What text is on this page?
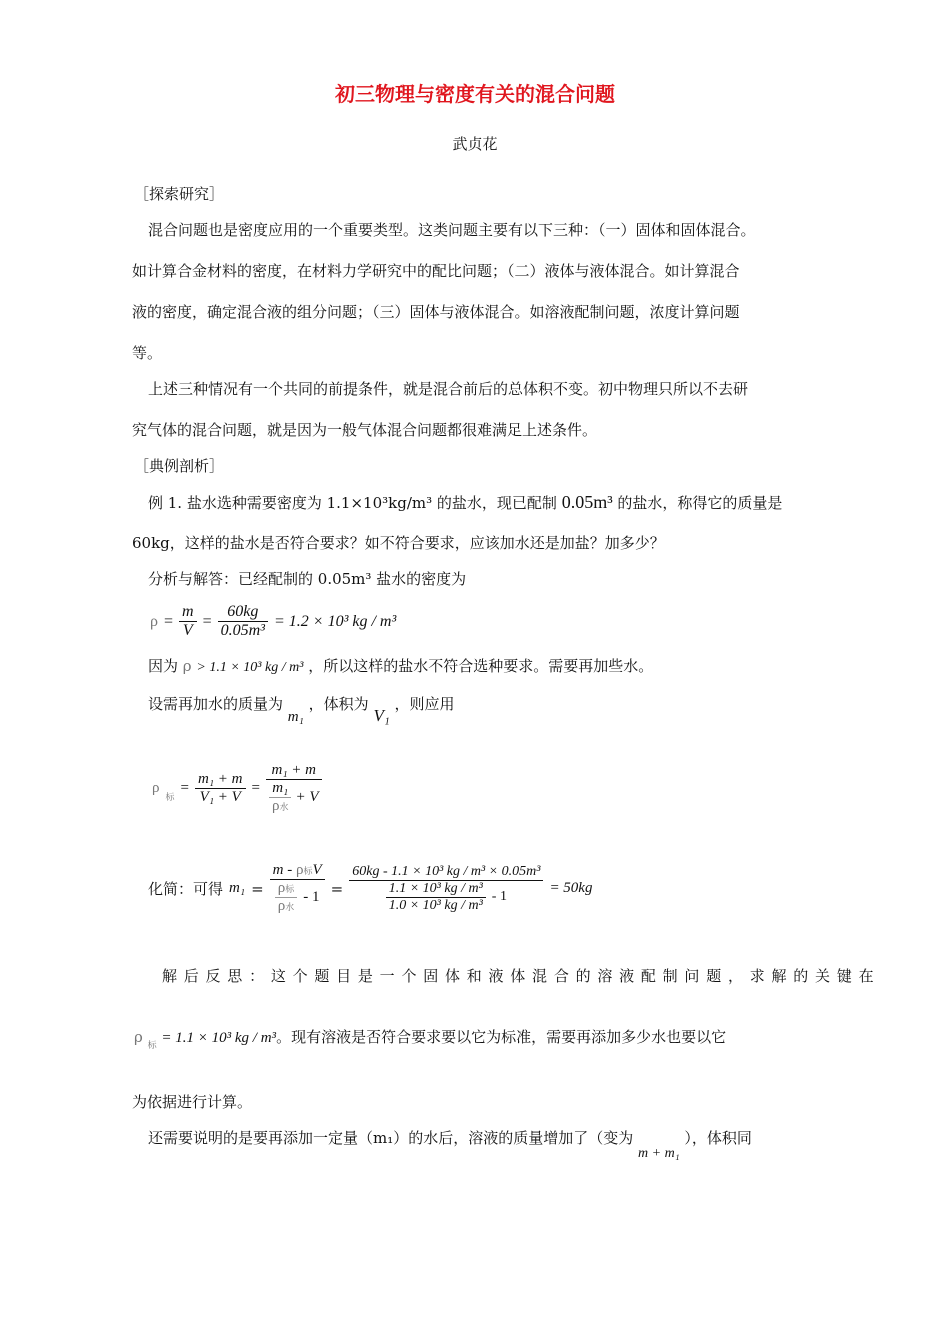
初三物理与密度有关的混合问题
武贞花
［探索研究］
混合问题也是密度应用的一个重要类型。这类问题主要有以下三种：（一）固体和固体混合。
如计算合金材料的密度，在材料力学研究中的配比问题；（二）液体与液体混合。如计算混合
液的密度，确定混合液的组分问题；（三）固体与液体混合。如溶液配制问题，浓度计算问题
等。
上述三种情况有一个共同的前提条件，就是混合前后的总体积不变。初中物理只所以不去研
究气体的混合问题，就是因为一般气体混合问题都很难满足上述条件。
［典例剖析］
例 1. 盐水选种需要密度为 1.1×10³kg/m³ 的盐水，现已配制 0.05m³ 的盐水，称得它的质量是
60kg，这样的盐水是否符合要求？如不符合要求，应该加水还是加盐？加多少？
分析与解答：已经配制的 0.05m³ 盐水的密度为
$\rho = \frac{m}{V} = \frac{60kg}{\text{0.05m³}} = 1.2 \times 10^3$ kg / m³
因为 ρ > 1.1 × 10³ kg / m³ ，所以这样的盐水不符合选种要求。需要再加些水。
设需再加水的质量为 m₁ ，体积为 V₁ ，则应用
ρ
标
= $\frac{\text{m₁ + m}}{\text{V₁ + V}} = \frac{\text{m₁ + m}}{\frac{\text{m₁}}{\text{ρ水}} + V}$
化简：可得 $m_1 = \frac{\text{m - ρ标V}}{\frac{\text{ρ标}}{\text{ρ水}} - 1}$ =
60kg - 1.1 × 10³ kg / m³ × 0.05m³
$\frac{\text{1.1 × 10³ kg / m³}}{\text{1.0 × 10³ kg / m³}} - 1$
= 50kg
解 后 反 思 ： 这 个 题 目 是 一 个 固 体 和 液 体 混 合 的 溶 液 配 制 问 题 ， 求 解 的 关 键 在
ρ $_标$ = 1.1 × 10³ kg / m³。现有溶液是否符合要求要以它为标准，需要再添加多少水也要以它
为依据进行计算。
还需要说明的是要再添加一定量（m₁）的水后，溶液的质量增加了（变为 m + m₁ ），体积同
